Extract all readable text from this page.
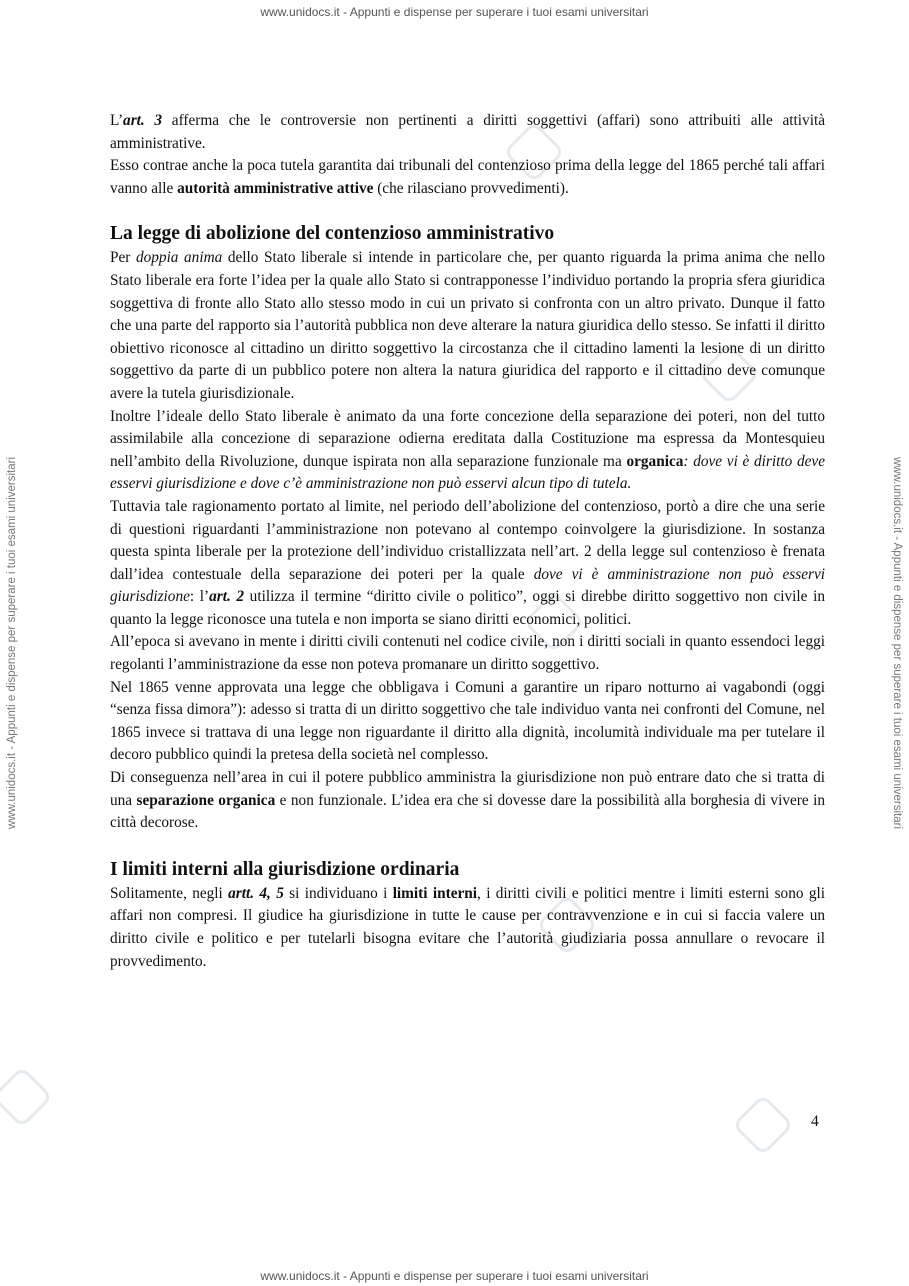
www.unidocs.it - Appunti e dispense per superare i tuoi esami universitari
www.unidocs.it - Appunti e dispense per superare i tuoi esami universitari
www.unidocs.it - Appunti e dispense per superare i tuoi esami universitari	www.unidocs.it - Appunti e dispense per superare i tuoi esami universitari

L’art. 3 afferma che le controversie non pertinenti a diritti soggettivi (affari) sono attribuiti alle attività amministrative.

Esso contrae anche la poca tutela garantita dai tribunali del contenzioso prima della legge del 1865 perché tali affari vanno alle autorità amministrative attive (che rilasciano provvedimenti).

La legge di abolizione del contenzioso amministrativo

Per doppia anima dello Stato liberale si intende in particolare che, per quanto riguarda la prima anima che nello Stato liberale era forte l’idea per la quale allo Stato si contrapponesse l’individuo portando la propria sfera giuridica soggettiva di fronte allo Stato allo stesso modo in cui un privato si confronta con un altro privato. Dunque il fatto che una parte del rapporto sia l’autorità pubblica non deve alterare la natura giuridica dello stesso. Se infatti il diritto obiettivo riconosce al cittadino un diritto soggettivo la circostanza che il cittadino lamenti la lesione di un diritto soggettivo da parte di un pubblico potere non altera la natura giuridica del rapporto e il cittadino deve comunque avere la tutela giurisdizionale.

Inoltre l’ideale dello Stato liberale è animato da una forte concezione della separazione dei poteri, non del tutto assimilabile alla concezione di separazione odierna ereditata dalla Costituzione ma espressa da Montesquieu nell’ambito della Rivoluzione, dunque ispirata non alla separazione funzionale ma organica: dove vi è diritto deve esservi giurisdizione e dove c’è amministrazione non può esservi alcun tipo di tutela.

Tuttavia tale ragionamento portato al limite, nel periodo dell’abolizione del contenzioso, portò a dire che una serie di questioni riguardanti l’amministrazione non potevano al contempo coinvolgere la giurisdizione. In sostanza questa spinta liberale per la protezione dell’individuo cristallizzata nell’art. 2 della legge sul contenzioso è frenata dall’idea contestuale della separazione dei poteri per la quale dove vi è amministrazione non può esservi giurisdizione: l’art. 2 utilizza il termine “diritto civile o politico”, oggi si direbbe diritto soggettivo non civile in quanto la legge riconosce una tutela e non importa se siano diritti economici, politici.

All’epoca si avevano in mente i diritti civili contenuti nel codice civile, non i diritti sociali in quanto essendoci leggi regolanti l’amministrazione da esse non poteva promanare un diritto soggettivo.

Nel 1865 venne approvata una legge che obbligava i Comuni a garantire un riparo notturno ai vagabondi (oggi “senza fissa dimora”): adesso si tratta di un diritto soggettivo che tale individuo vanta nei confronti del Comune, nel 1865 invece si trattava di una legge non riguardante il diritto alla dignità, incolumità individuale ma per tutelare il decoro pubblico quindi la pretesa della società nel complesso.

Di conseguenza nell’area in cui il potere pubblico amministra la giurisdizione non può entrare dato che si tratta di una separazione organica e non funzionale. L’idea era che si dovesse dare la possibilità alla borghesia di vivere in città decorose.

I limiti interni alla giurisdizione ordinaria

Solitamente, negli artt. 4, 5 si individuano i limiti interni, i diritti civili e politici mentre i limiti esterni sono gli affari non compresi. Il giudice ha giurisdizione in tutte le cause per contravvenzione e in cui si faccia valere un diritto civile e politico e per tutelarli bisogna evitare che l’autorità giudiziaria possa annullare o revocare il provvedimento.

4
